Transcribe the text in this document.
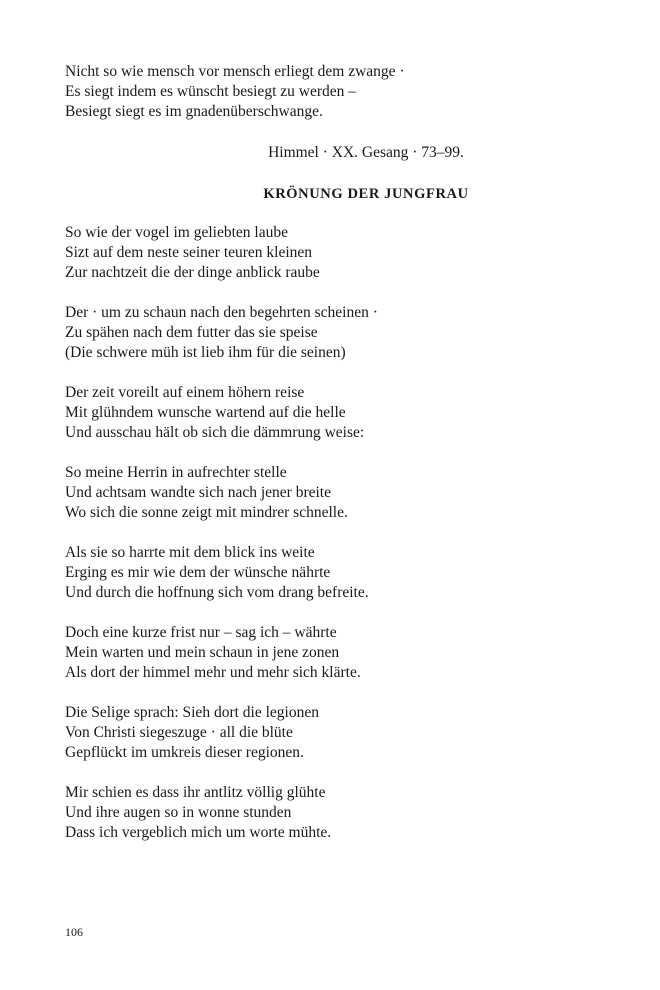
Nicht so wie mensch vor mensch erliegt dem zwange ·
Es siegt indem es wünscht besiegt zu werden –
Besiegt siegt es im gnadenüberschwange.
Himmel · XX. Gesang · 73–99.
KRÖNUNG DER JUNGFRAU
So wie der vogel im geliebten laube
Sizt auf dem neste seiner teuren kleinen
Zur nachtzeit die der dinge anblick raube
Der · um zu schaun nach den begehrten scheinen ·
Zu spähen nach dem futter das sie speise
(Die schwere müh ist lieb ihm für die seinen)
Der zeit voreilt auf einem höhern reise
Mit glühndem wunsche wartend auf die helle
Und ausschau hält ob sich die dämmrung weise:
So meine Herrin in aufrechter stelle
Und achtsam wandte sich nach jener breite
Wo sich die sonne zeigt mit mindrer schnelle.
Als sie so harrte mit dem blick ins weite
Erging es mir wie dem der wünsche nährte
Und durch die hoffnung sich vom drang befreite.
Doch eine kurze frist nur – sag ich – währte
Mein warten und mein schaun in jene zonen
Als dort der himmel mehr und mehr sich klärte.
Die Selige sprach: Sieh dort die legionen
Von Christi siegeszuge · all die blüte
Gepflückt im umkreis dieser regionen.
Mir schien es dass ihr antlitz völlig glühte
Und ihre augen so in wonne stunden
Dass ich vergeblich mich um worte mühte.
106
